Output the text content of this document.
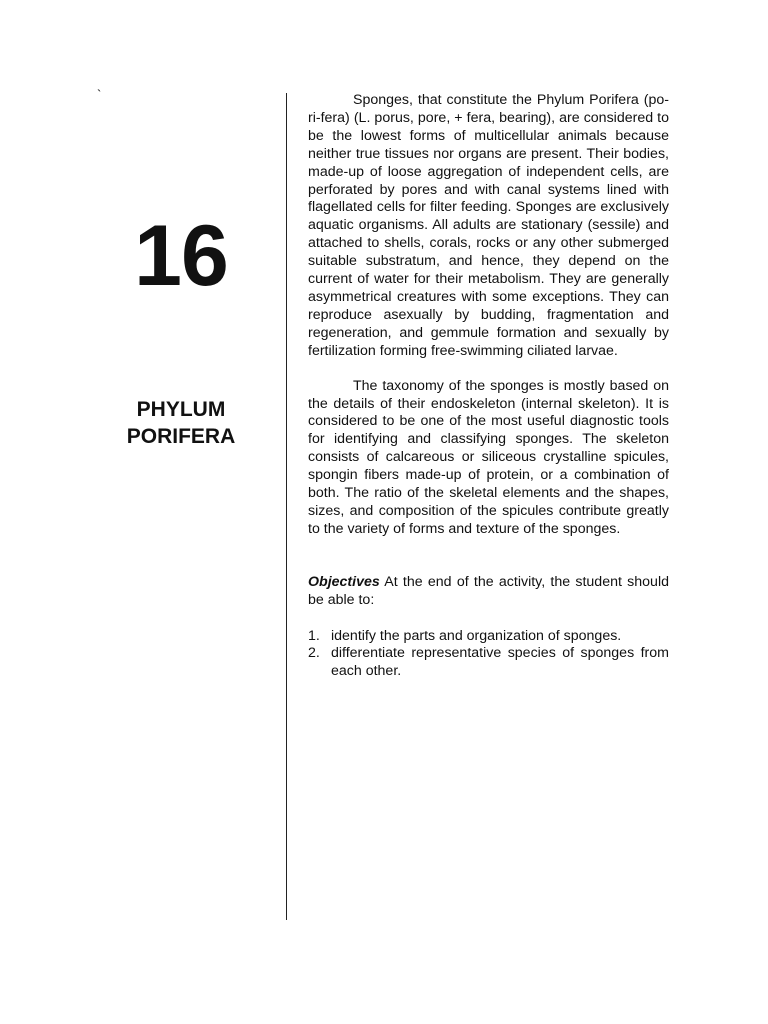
`
16
PHYLUM
PORIFERA

Sponges, that constitute the Phylum Porifera (po-ri-fera) (L. porus, pore, + fera, bearing), are considered to be the lowest forms of multicellular animals because neither true tissues nor organs are present. Their bodies, made-up of loose aggregation of independent cells, are perforated by pores and with canal systems lined with flagellated cells for filter feeding. Sponges are exclusively aquatic organisms. All adults are stationary (sessile) and attached to shells, corals, rocks or any other submerged suitable substratum, and hence, they depend on the current of water for their metabolism. They are generally asymmetrical creatures with some exceptions. They can reproduce asexually by budding, fragmentation and regeneration, and gemmule formation and sexually by fertilization forming free-swimming ciliated larvae.

The taxonomy of the sponges is mostly based on the details of their endoskeleton (internal skeleton). It is considered to be one of the most useful diagnostic tools for identifying and classifying sponges. The skeleton consists of calcareous or siliceous crystalline spicules, spongin fibers made-up of protein, or a combination of both. The ratio of the skeletal elements and the shapes, sizes, and composition of the spicules contribute greatly to the variety of forms and texture of the sponges.

Objectives At the end of the activity, the student should be able to:

1. identify the parts and organization of sponges.
2. differentiate representative species of sponges from each other.
